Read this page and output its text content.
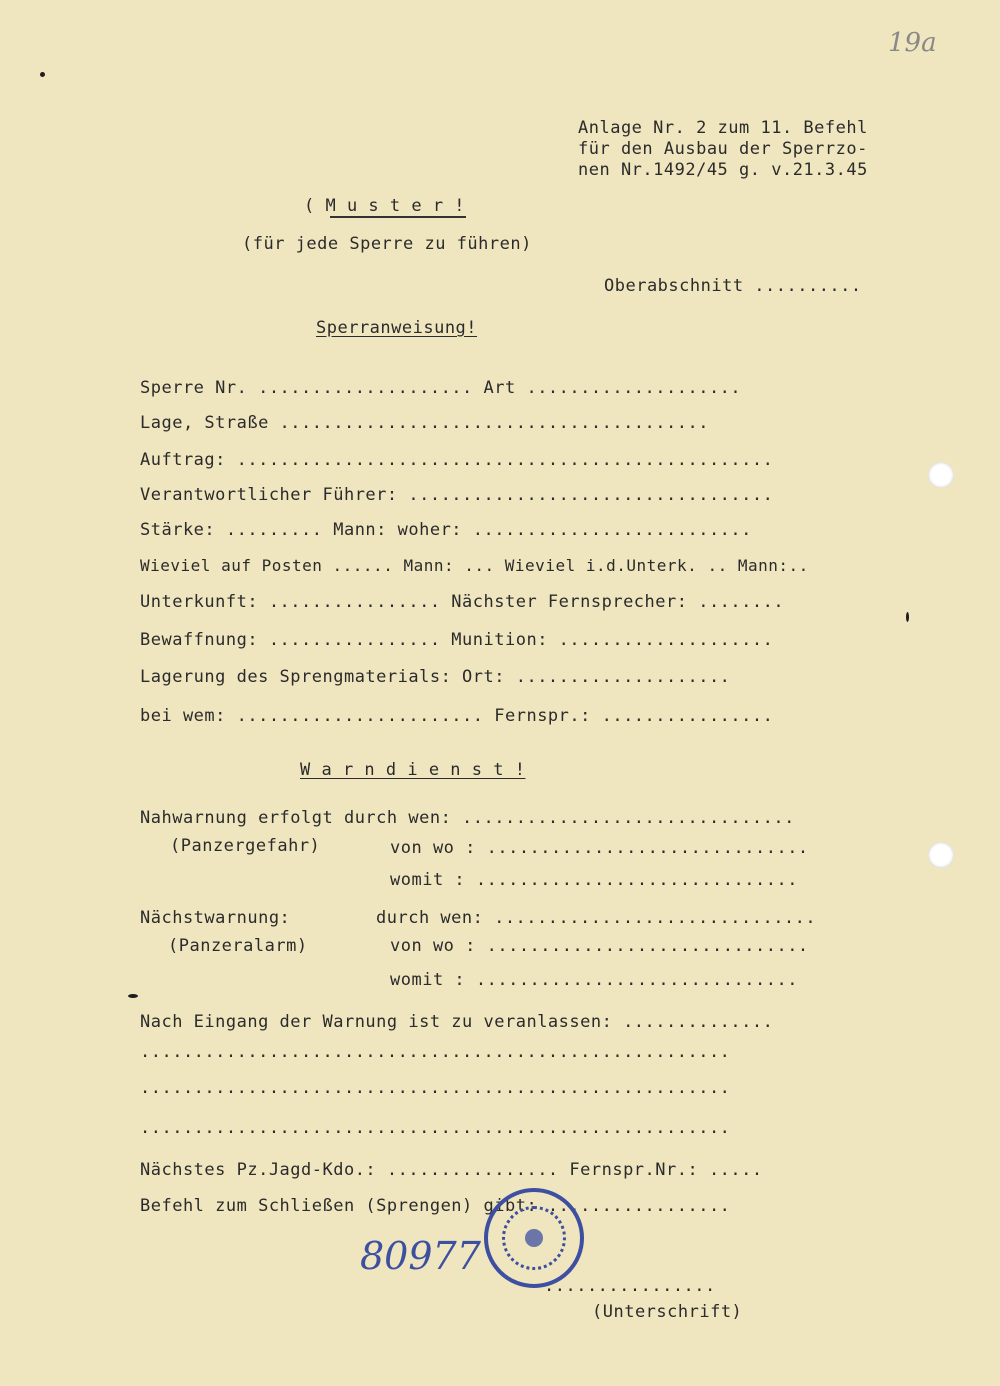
19a
Anlage Nr. 2 zum 11. Befehl
für den Ausbau der Sperrzo-
nen Nr.1492/45 g. v.21.3.45
( M u s t e r !
(für jede Sperre zu führen)
Oberabschnitt ..........
Sperranweisung!
Sperre Nr. .................... Art ....................
Lage, Straße ........................................
Auftrag: ..................................................
Verantwortlicher Führer: ..................................
Stärke: ......... Mann: woher: ..........................
Wieviel auf Posten ...... Mann: ... Wieviel i.d.Unterk. .. Mann:..
Unterkunft: ................ Nächster Fernsprecher: ........
Bewaffnung: ................ Munition: ....................
Lagerung des Sprengmaterials: Ort: ....................
bei wem: ....................... Fernspr.: ................
W a r n d i e n s t !
Nahwarnung erfolgt durch wen: ...............................
(Panzergefahr)	von wo : ..............................
womit : ..............................
Nächstwarnung:	durch wen: ..............................
(Panzeralarm)	von wo : ..............................
womit : ..............................
Nach Eingang der Warnung ist zu veranlassen: ..............
.......................................................
.......................................................
.......................................................
Nächstes Pz.Jagd-Kdo.: ................ Fernspr.Nr.: .....
Befehl zum Schließen (Sprengen) gibt: .................
................
(Unterschrift)
80977
